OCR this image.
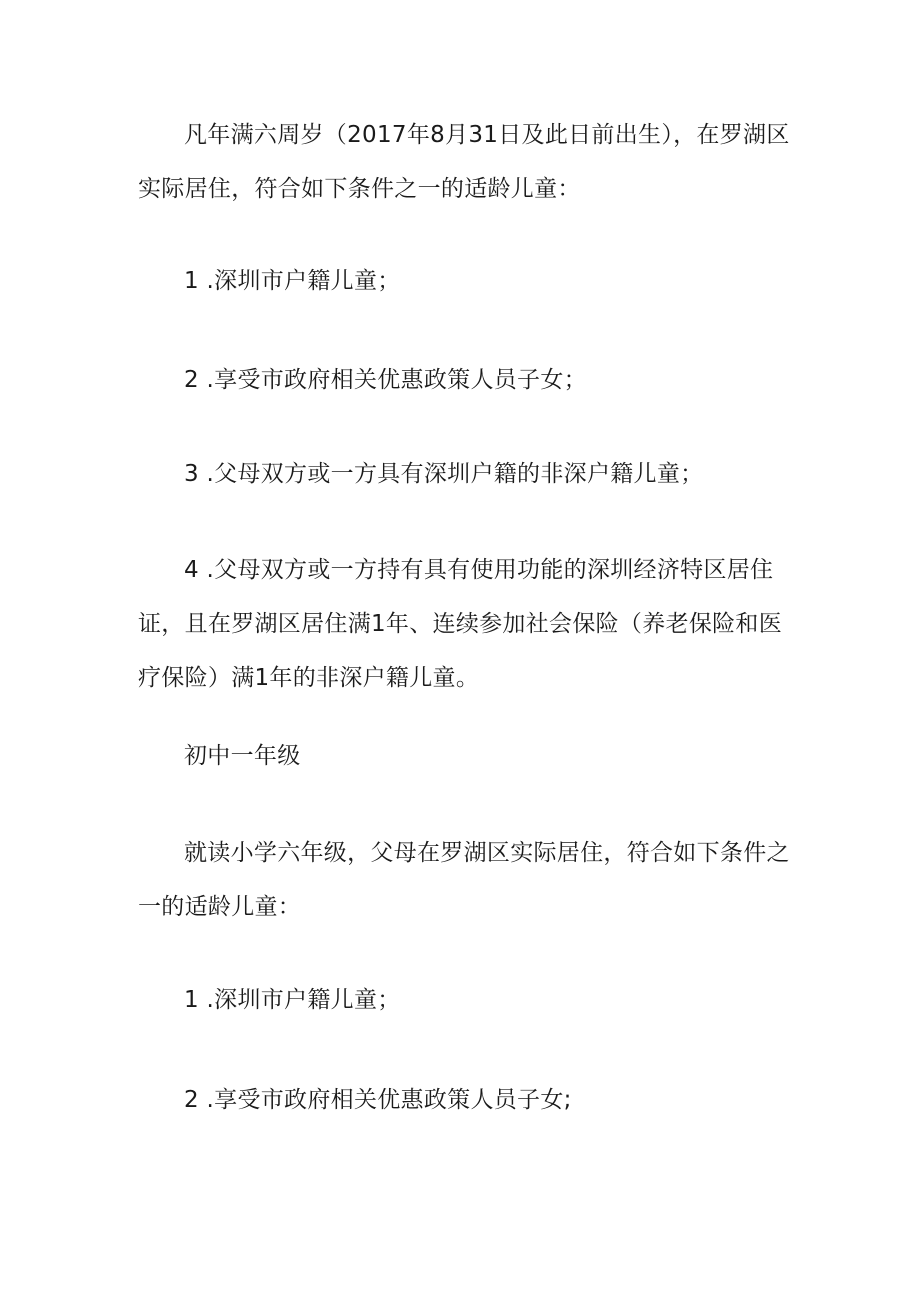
凡年满六周岁（2017年8月31日及此日前出生），在罗湖区实际居住，符合如下条件之一的适龄儿童：

1 .深圳市户籍儿童；

2 .享受市政府相关优惠政策人员子女；

3 .父母双方或一方具有深圳户籍的非深户籍儿童；

4 .父母双方或一方持有具有使用功能的深圳经济特区居住证，且在罗湖区居住满1年、连续参加社会保险（养老保险和医疗保险）满1年的非深户籍儿童。

初中一年级

就读小学六年级，父母在罗湖区实际居住，符合如下条件之一的适龄儿童：

1 .深圳市户籍儿童；

2 .享受市政府相关优惠政策人员子女;
